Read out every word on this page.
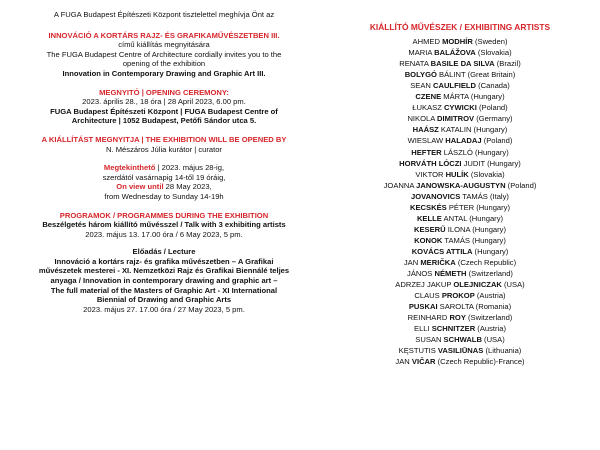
A FUGA Budapest Építészeti Központ tisztelettel meghívja Önt az

INNOVÁCIÓ A KORTÁRS RAJZ- ÉS GRAFIKAMŰVÉSZETBEN III.

című kiállítás megnyitására

The FUGA Budapest Centre of Architecture cordially invites you to the

opening of the exhibition

Innovation in Contemporary Drawing and Graphic Art III.

MEGNYITÓ | OPENING CEREMONY:

2023. április 28., 18 óra | 28 April 2023, 6.00 pm.

FUGA Budapest Építészeti Központ | FUGA Budapest Centre of

Architecture | 1052 Budapest, Petőfi Sándor utca 5.

A KIÁLLÍTÁST MEGNYITJA | THE EXHIBITION WILL BE OPENED BY

N. Mészáros Júlia kurátor | curator

Megtekinthető | 2023. május 28-ig,

szerdától vasárnapig 14-től 19 óráig,

On view until 28 May 2023,

from Wednesday to Sunday 14-19h

PROGRAMOK / PROGRAMMES DURING THE EXHIBITION

Beszélgetés három kiállító művésszel / Talk with 3 exhibiting artists

2023. május 13. 17.00 óra / 6 May 2023, 5 pm.

Előadás / Lecture

Innováció a kortárs rajz- és grafika művészetben – A Grafikai

művészetek mesterei - XI. Nemzetközi Rajz és Grafikai Biennálé teljes

anyaga / Innovation in contemporary drawing and graphic art –

The full material of the Masters of Graphic Art - XI International

Biennial of Drawing and Graphic Arts

2023. május 27. 17.00 óra / 27 May 2023, 5 pm.

KIÁLLÍTÓ MŰVÉSZEK / EXHIBITING ARTISTS

AHMED MODHÍR (Sweden)

MARIA BALÁŽOVA (Slovakia)

RENATA BASILE DA SILVA (Brazil)

BOLYGÓ BÁLINT (Great Britain)

SEAN CAULFIELD (Canada)

CZENE MÁRTA (Hungary)

ŁUKASZ CYWICKI (Poland)

NIKOLA DIMITROV (Germany)

HAÁSZ KATALIN (Hungary)

WIESLAW HALADAJ (Poland)

HEFTER LÁSZLÓ (Hungary)

HORVÁTH LÓCZI JUDIT (Hungary)

VIKTOR HULÍK (Slovakia)

JOANNA JANOWSKA-AUGUSTYN (Poland)

JOVANOVICS TAMÁS (Italy)

KECSKÉS PÉTER (Hungary)

KELLE ANTAL (Hungary)

KESERŰ ILONA (Hungary)

KONOK TAMÁS (Hungary)

KOVÁCS ATTILA (Hungary)

JAN MERIČKA (Czech Republic)

JÁNOS NÉMETH (Switzerland)

ADRZEJ JAKUP OLEJNICZAK (USA)

CLAUS PROKOP (Austria)

PUSKAI SAROLTA (Romania)

REINHARD ROY (Switzerland)

ELLI SCHNITZER (Austria)

SUSAN SCHWALB (USA)

KĘSTUTIS VASILIŪNAS (Lithuania)

JAN VIČAR (Czech Republic)-France)
